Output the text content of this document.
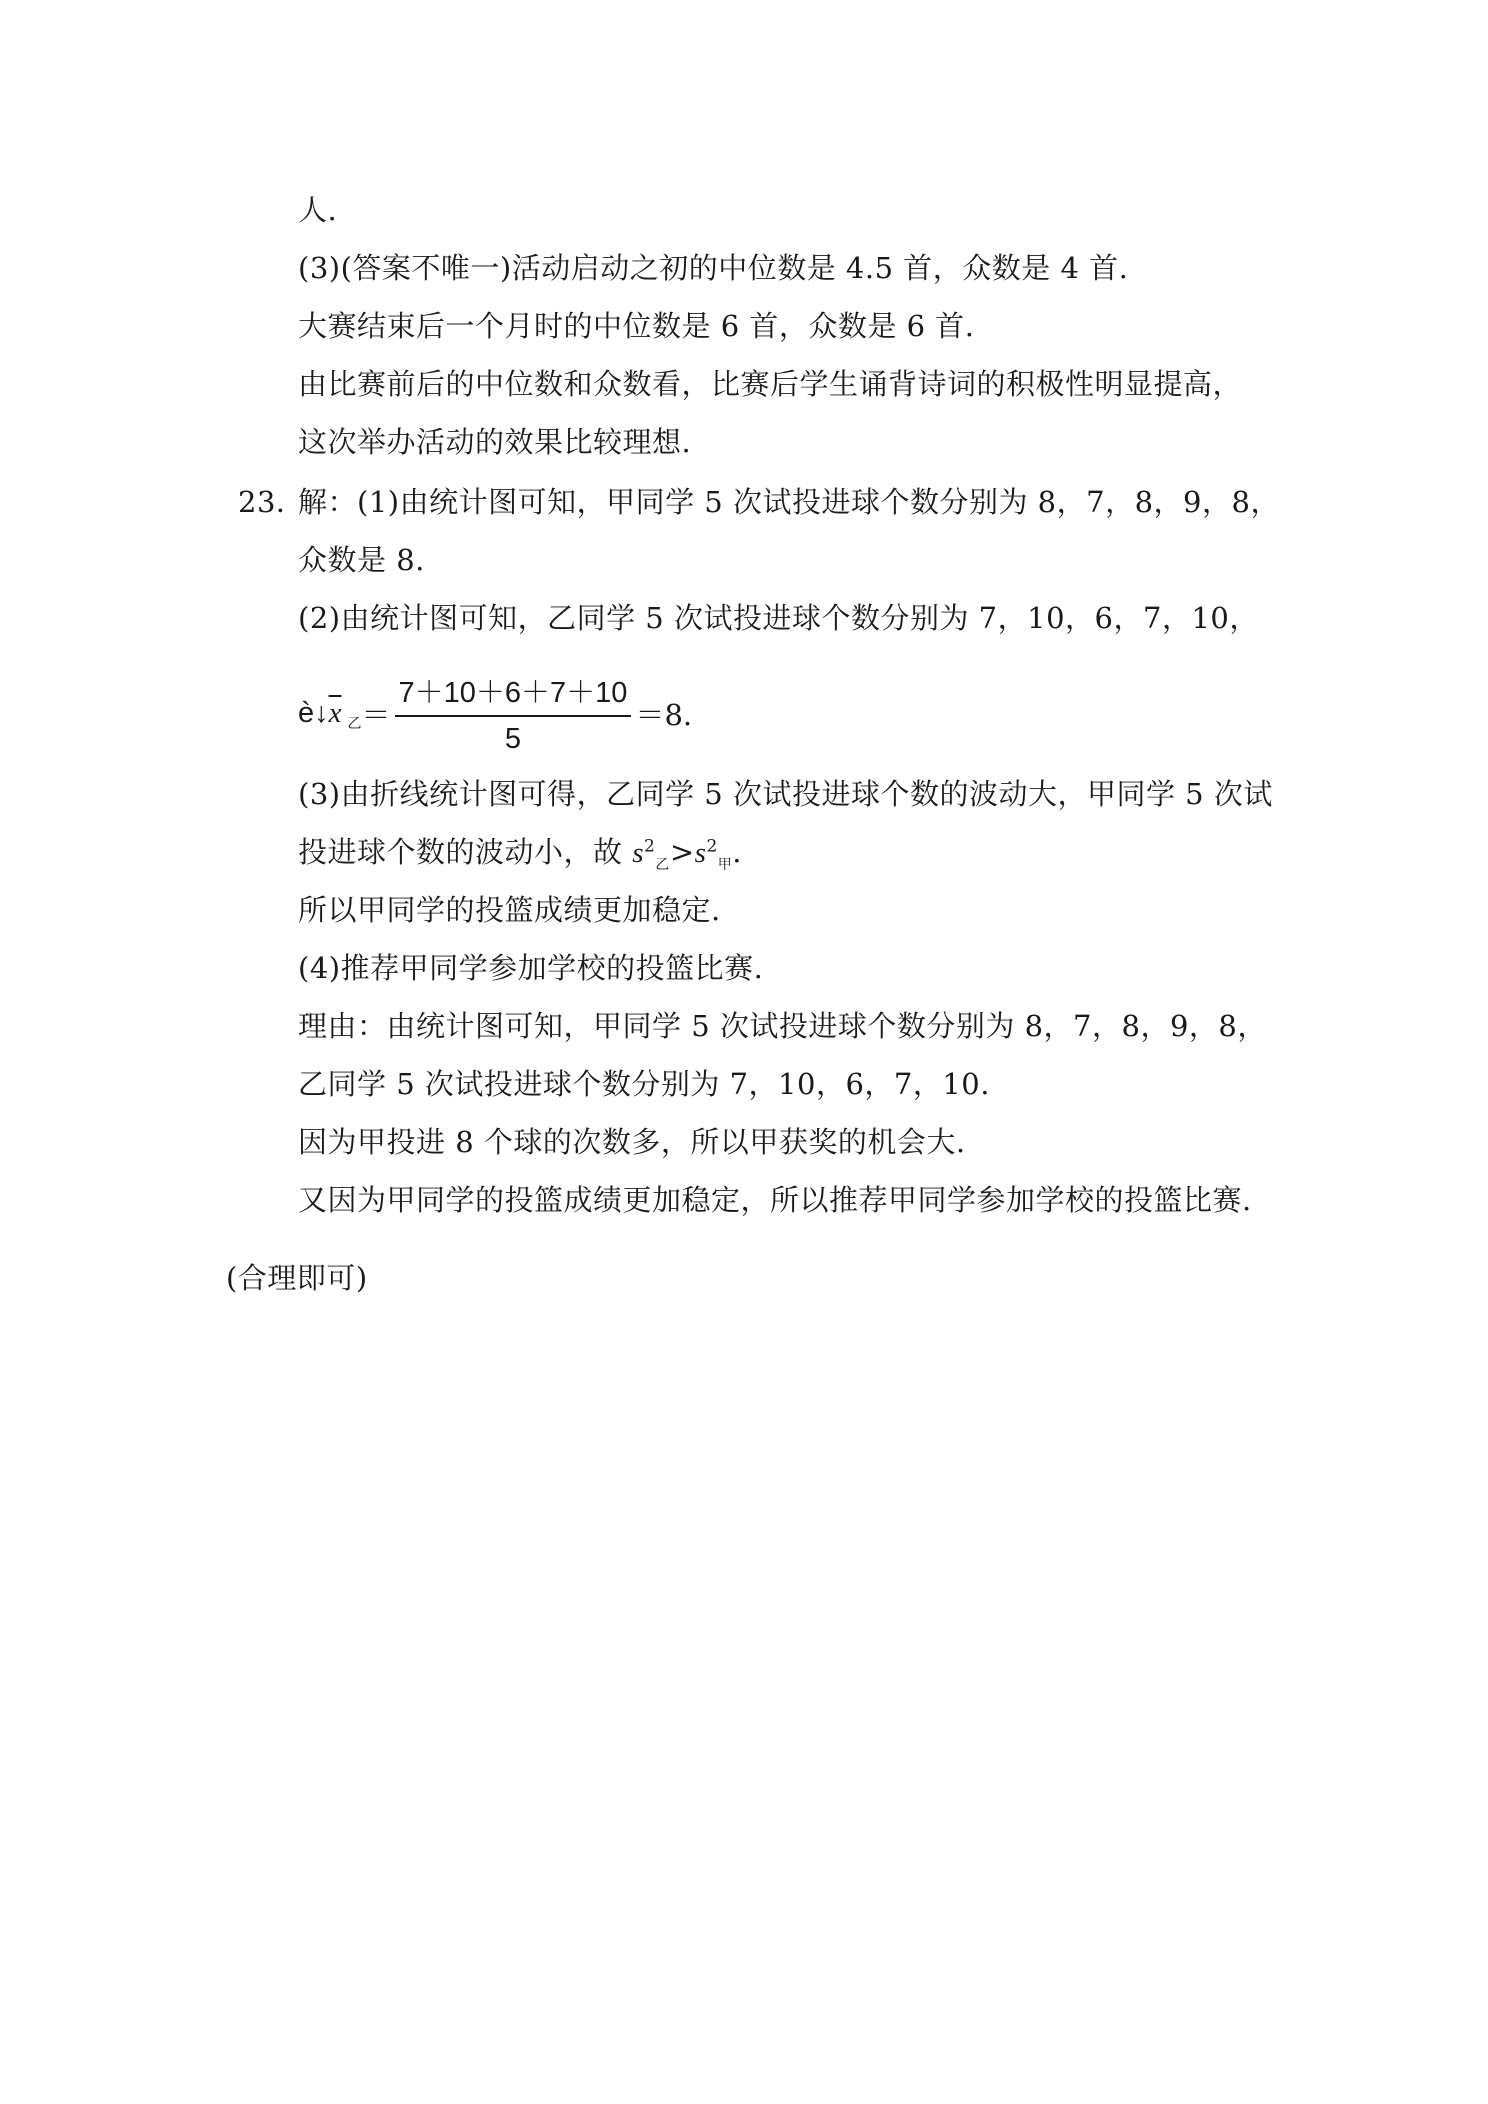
人.
(3)(答案不唯一)活动启动之初的中位数是 4.5 首，众数是 4 首.
大赛结束后一个月时的中位数是 6 首，众数是 6 首.
由比赛前后的中位数和众数看，比赛后学生诵背诗词的积极性明显提高，
这次举办活动的效果比较理想.
23．
解：(1)由统计图可知，甲同学 5 次试投进球个数分别为 8，7，8，9，8，
众数是 8.
(2)由统计图可知，乙同学 5 次试投进球个数分别为 7，10，6，7，10，
è↓ $\overline{x}$ 乙 ＝ $\frac{7+10+6+7+10}{5} =8$.
(3)由折线统计图可得，乙同学 5 次试投进球个数的波动大，甲同学 5 次试
投进球个数的波动小，故 $s^2_乙>s^2_甲$.
所以甲同学的投篮成绩更加稳定.
(4)推荐甲同学参加学校的投篮比赛.
理由：由统计图可知，甲同学 5 次试投进球个数分别为 8，7，8，9，8，
乙同学 5 次试投进球个数分别为 7，10，6，7，10.
因为甲投进 8 个球的次数多，所以甲获奖的机会大.
又因为甲同学的投篮成绩更加稳定，所以推荐甲同学参加学校的投篮比赛.
(合理即可)
